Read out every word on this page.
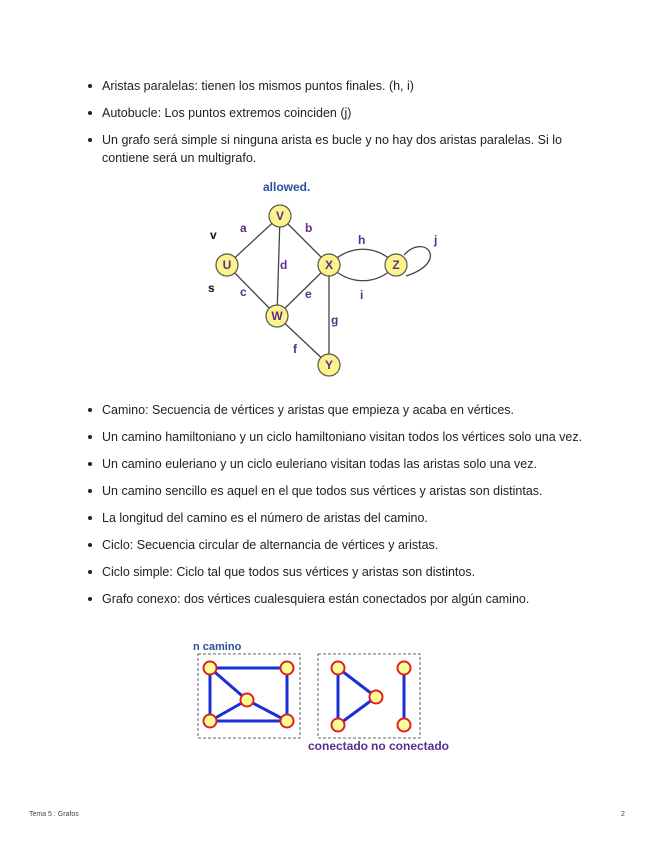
Aristas paralelas: tienen los mismos puntos finales. (h, i)
Autobucle: Los puntos extremos coinciden (j)
Un grafo será simple si ninguna arista es bucle y no hay dos aristas paralelas. Si lo contiene será un multigrafo.
allowed.
v
s
a	b
h	j
d
c	e	i
g
f
V
U	X	Z
W
Y
n camino
conectado no conectado
Camino: Secuencia de vértices y aristas que empieza y acaba en vértices.
Un camino hamiltoniano y un ciclo hamiltoniano visitan todos los vértices solo una vez.
Un camino euleriano y un ciclo euleriano visitan todas las aristas solo una vez.
Un camino sencillo es aquel en el que todos sus vértices y aristas son distintas.
La longitud del camino es el número de aristas del camino.
Ciclo: Secuencia circular de alternancia de vértices y aristas.
Ciclo simple: Ciclo tal que todos sus vértices y aristas son distintos.
Grafo conexo: dos vértices cualesquiera están conectados por algún camino.
Tema 5 : Grafos	2
